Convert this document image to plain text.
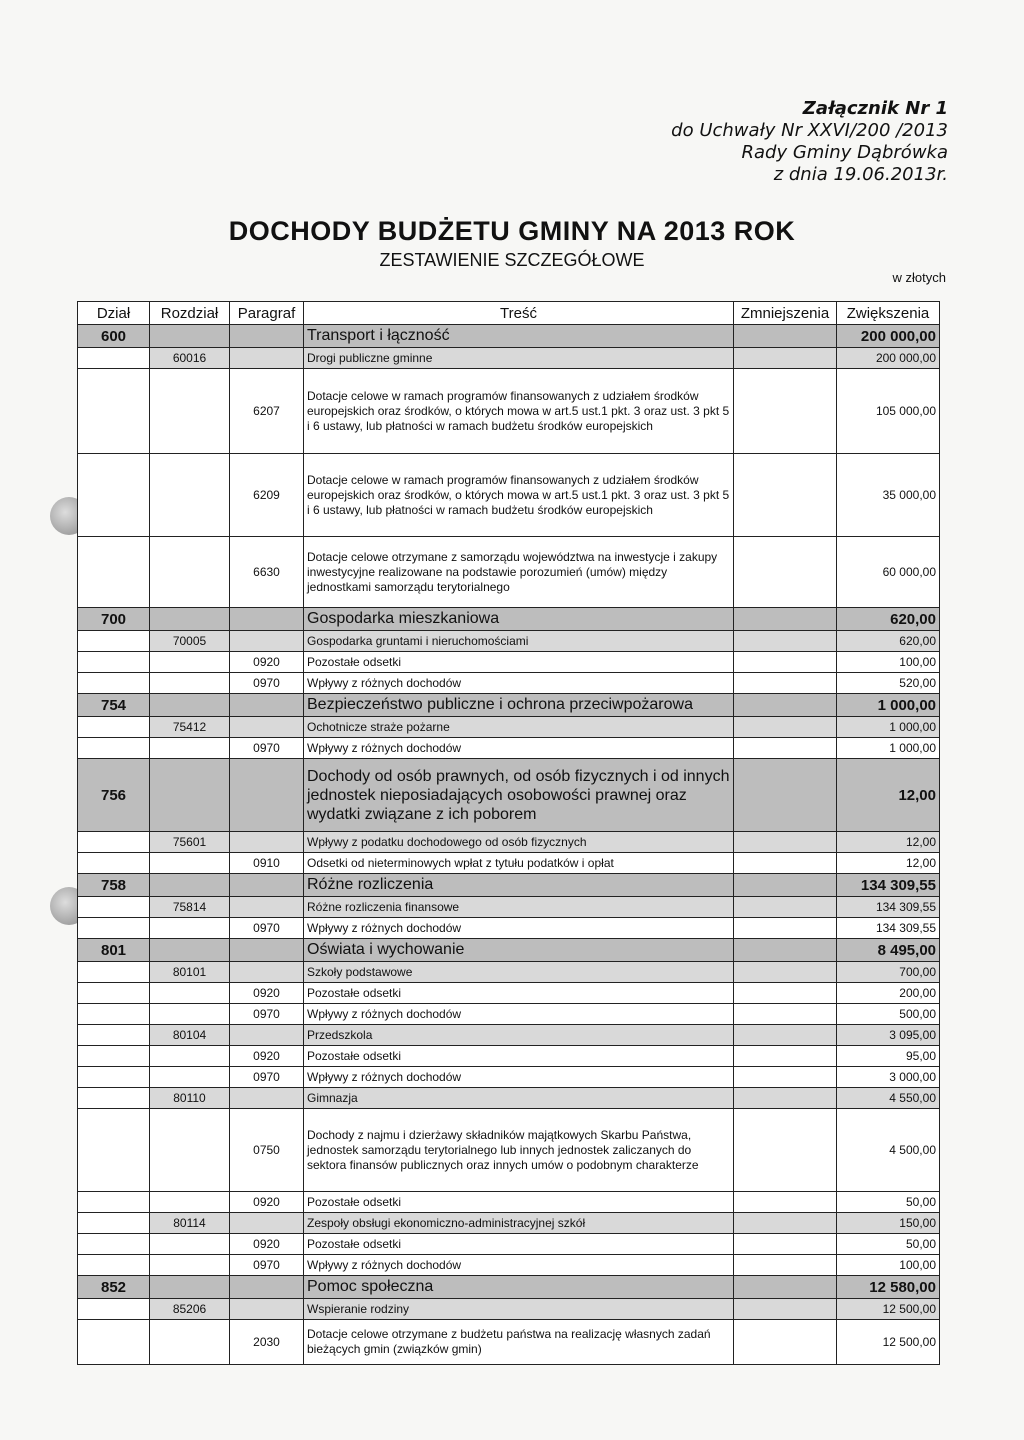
Załącznik Nr 1
do Uchwały Nr XXVI/200 /2013
Rady Gminy Dąbrówka
z dnia 19.06.2013r.
DOCHODY BUDŻETU GMINY NA 2013 ROK
ZESTAWIENIE SZCZEGÓŁOWE
w złotych
Dział	Rozdział	Paragraf	Treść	Zmniejszenia	Zwiększenia
600			Transport i łączność		200 000,00
	60016		Drogi publiczne gminne		200 000,00
		6207	Dotacje celowe w ramach programów finansowanych z udziałem środków europejskich oraz środków, o których mowa w art.5 ust.1 pkt. 3 oraz ust. 3 pkt 5 i 6 ustawy, lub płatności w ramach budżetu środków europejskich		105 000,00
		6209	Dotacje celowe w ramach programów finansowanych z udziałem środków europejskich oraz środków, o których mowa w art.5 ust.1 pkt. 3 oraz ust. 3 pkt 5 i 6 ustawy, lub płatności w ramach budżetu środków europejskich		35 000,00
		6630	Dotacje celowe otrzymane z samorządu województwa na inwestycje i zakupy inwestycyjne realizowane na podstawie porozumień (umów) między jednostkami samorządu terytorialnego		60 000,00
700			Gospodarka mieszkaniowa		620,00
	70005		Gospodarka gruntami i nieruchomościami		620,00
		0920	Pozostałe odsetki		100,00
		0970	Wpływy z różnych dochodów		520,00
754			Bezpieczeństwo publiczne i ochrona przeciwpożarowa		1 000,00
	75412		Ochotnicze straże pożarne		1 000,00
		0970	Wpływy z różnych dochodów		1 000,00
756			Dochody od osób prawnych, od osób fizycznych i od innych jednostek nieposiadających osobowości prawnej oraz wydatki związane z ich poborem		12,00
	75601		Wpływy z podatku dochodowego od osób fizycznych		12,00
		0910	Odsetki od nieterminowych wpłat z tytułu podatków i opłat		12,00
758			Różne rozliczenia		134 309,55
	75814		Różne rozliczenia finansowe		134 309,55
		0970	Wpływy z różnych dochodów		134 309,55
801			Oświata i wychowanie		8 495,00
	80101		Szkoły podstawowe		700,00
		0920	Pozostałe odsetki		200,00
		0970	Wpływy z różnych dochodów		500,00
	80104		Przedszkola		3 095,00
		0920	Pozostałe odsetki		95,00
		0970	Wpływy z różnych dochodów		3 000,00
	80110		Gimnazja		4 550,00
		0750	Dochody z najmu i dzierżawy składników majątkowych Skarbu Państwa, jednostek samorządu terytorialnego lub innych jednostek zaliczanych do sektora finansów publicznych oraz innych umów o podobnym charakterze		4 500,00
		0920	Pozostałe odsetki		50,00
	80114		Zespoły obsługi ekonomiczno-administracyjnej szkół		150,00
		0920	Pozostałe odsetki		50,00
		0970	Wpływy z różnych dochodów		100,00
852			Pomoc społeczna		12 580,00
	85206		Wspieranie rodziny		12 500,00
		2030	Dotacje celowe otrzymane z budżetu państwa na realizację własnych zadań bieżących gmin (związków gmin)		12 500,00
